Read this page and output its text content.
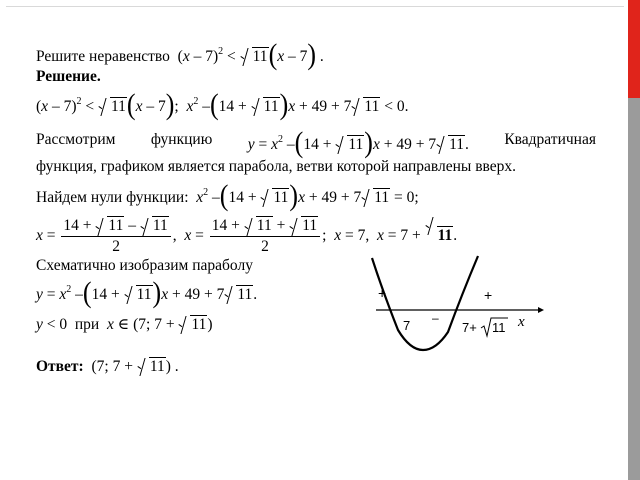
Решите неравенство  (x – 7)$^2$ < 11(x – 7) .
Решение.
(x – 7)$^2$ < 11(x – 7);  $x^2$ –(14 + 11)x + 49 + 7 11 < 0.
Рассмотрим функцию $y = x^2$ –(14 + 11)x + 49 + 7 11. Квадратичная
функция, графиком является парабола, ветви которой направлены вверх.
Найдем нули функции: $x^2$ –(14 + 11)x + 49 + 7 11 = 0;
$x = \frac{14 + 11 - 11}{2}$ ,  $x = \frac{14 + 11 + 11}{2}$ ;  x = 7,  x = 7 + 11.
Схематично изобразим параболу
$y = x^2$ –(14 + 11)x + 49 + 7 11.
y < 0 при x ∈ (7; 7 + 11)
Ответ:  (7; 7 + 11) .
+	+
–
7	7+ 11 x
